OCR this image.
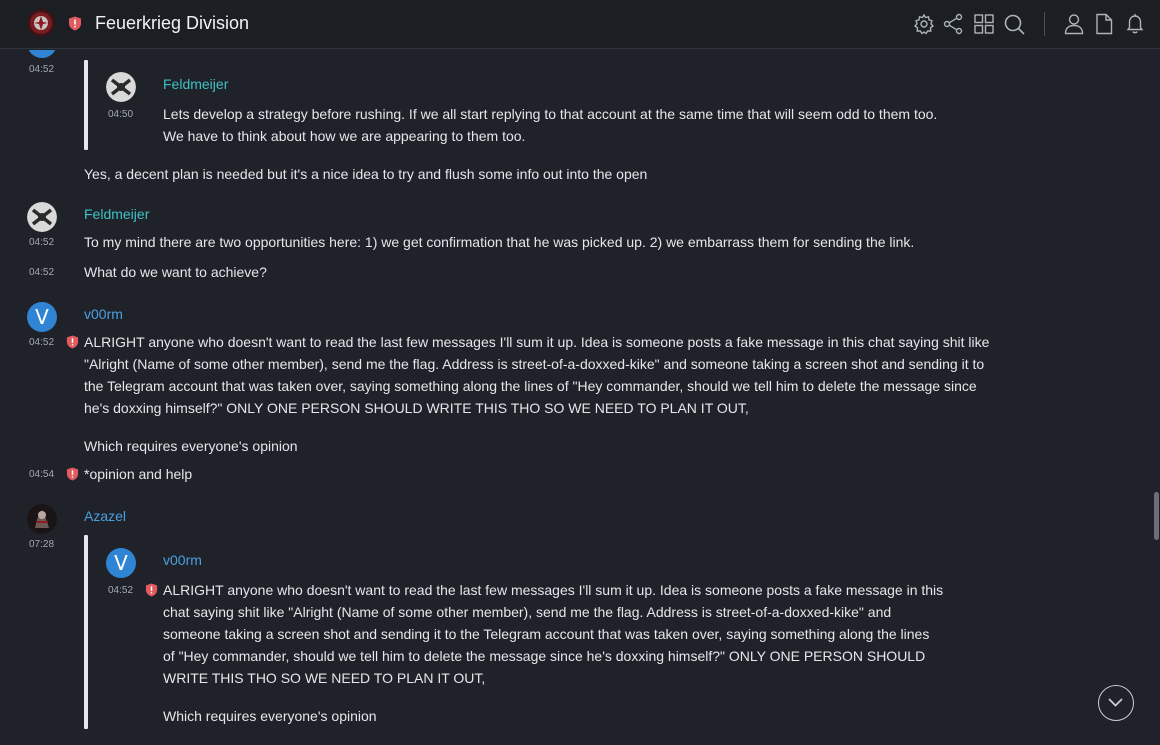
Feuerkrieg Division
04:52
Feldmeijer
04:50 Lets develop a strategy before rushing. If we all start replying to that account at the same time that will seem odd to them too.
We have to think about how we are appearing to them too.
Yes, a decent plan is needed but it's a nice idea to try and flush some info out into the open
Feldmeijer
04:52 To my mind there are two opportunities here: 1) we get confirmation that he was picked up. 2) we embarrass them for sending the link.
04:52 What do we want to achieve?
V	v00rm
04:52 ALRIGHT anyone who doesn't want to read the last few messages I'll sum it up. Idea is someone posts a fake message in this chat saying shit like
"Alright (Name of some other member), send me the flag. Address is street-of-a-doxxed-kike" and someone taking a screen shot and sending it to
the Telegram account that was taken over, saying something along the lines of "Hey commander, should we tell him to delete the message since
he's doxxing himself?" ONLY ONE PERSON SHOULD WRITE THIS THO SO WE NEED TO PLAN IT OUT,
Which requires everyone's opinion
04:54 *opinion and help
Azazel
07:28
V	v00rm
04:52 ALRIGHT anyone who doesn't want to read the last few messages I'll sum it up. Idea is someone posts a fake message in this
chat saying shit like "Alright (Name of some other member), send me the flag. Address is street-of-a-doxxed-kike" and
someone taking a screen shot and sending it to the Telegram account that was taken over, saying something along the lines
of "Hey commander, should we tell him to delete the message since he's doxxing himself?" ONLY ONE PERSON SHOULD
WRITE THIS THO SO WE NEED TO PLAN IT OUT,
Which requires everyone's opinion
